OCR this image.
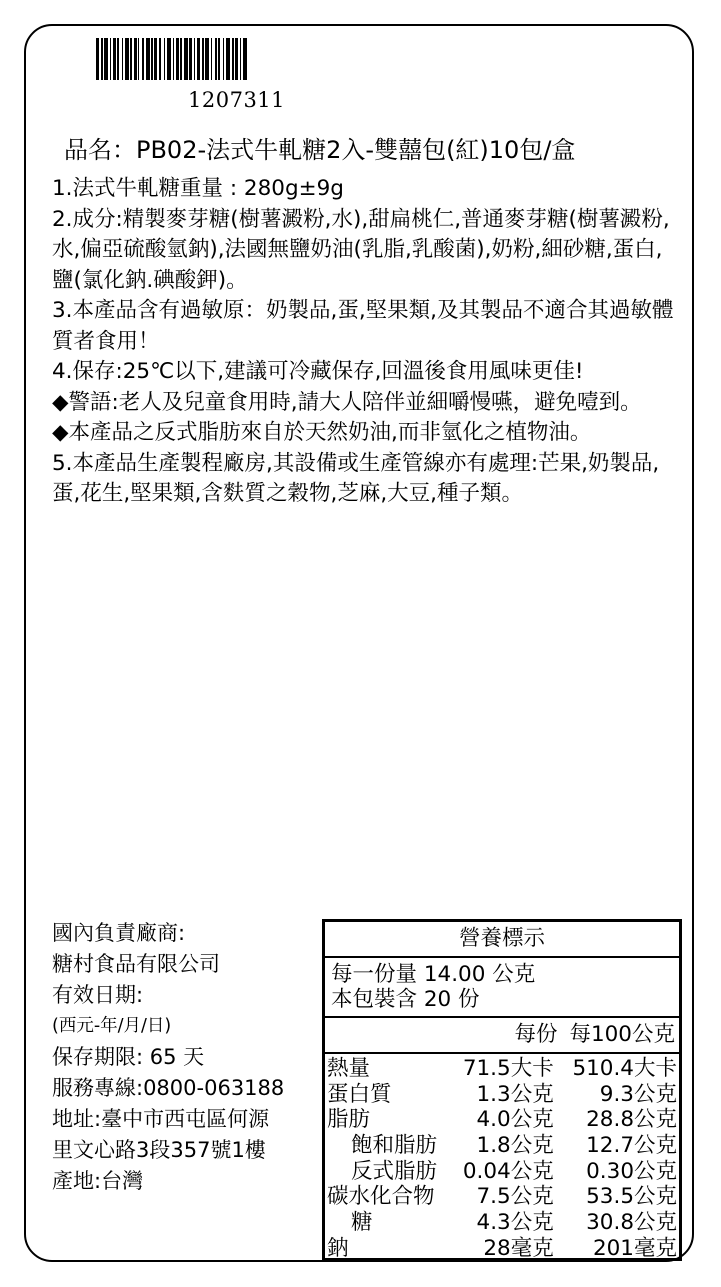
1207311
品名：PB02-法式牛軋糖2入-雙囍包(紅)10包/盒

1.法式牛軋糖重量 : 280g±9g

2.成分:精製麥芽糖(樹薯澱粉,水),甜扁桃仁,普通麥芽糖(樹薯澱粉,水,偏亞硫酸氫鈉),法國無鹽奶油(乳脂,乳酸菌),奶粉,細砂糖,蛋白,鹽(氯化鈉.碘酸鉀)。

3.本產品含有過敏原：奶製品,蛋,堅果類,及其製品不適合其過敏體質者食用！

4.保存:25℃以下,建議可冷藏保存,回溫後食用風味更佳!

◆警語:老人及兒童食用時,請大人陪伴並細嚼慢嚥，避免噎到。

◆本產品之反式脂肪來自於天然奶油,而非氫化之植物油。

5.本產品生產製程廠房,其設備或生產管線亦有處理:芒果,奶製品,蛋,花生,堅果類,含麩質之穀物,芝麻,大豆,種子類。

國內負責廠商:
糖村食品有限公司
有效日期:
(西元-年/月/日)
保存期限: 65 天
服務專線:0800-063188
地址:臺中市西屯區何源
里文心路3段357號1樓
產地:台灣
營養標示
每一份量 14.00 公克
本包裝含 20 份
每份 每100公克
熱量	71.5大卡 510.4大卡
蛋白質	1.3公克	9.3公克
脂肪	4.0公克	28.8公克
飽和脂肪	1.8公克	12.7公克
反式脂肪	0.04公克	0.30公克
碳水化合物	7.5公克	53.5公克
糖	4.3公克	30.8公克
鈉	28毫克	201毫克
